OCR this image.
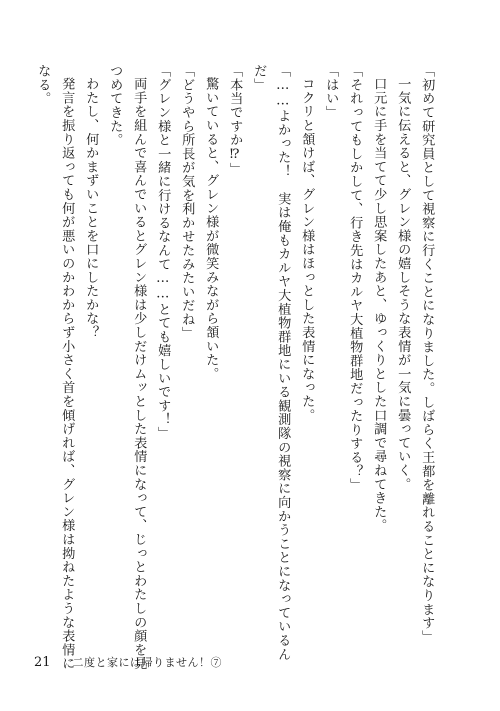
「初めて研究員として視察に行くことになりました。しばらく王都を離れることになります」
一気に伝えると、グレン様の嬉しそうな表情が一気に曇っていく。
口元に手を当てて少し思案したあと、ゆっくりとした口調で尋ねてきた。
「それってもしかして、行き先はカルヤ大植物群地だったりする？」
「はい」
コクリと頷けば、グレン様はほっとした表情になった。
「……よかった！　実は俺もカルヤ大植物群地にいる観測隊の視察に向かうことになっているん
だ」
「本当ですか⁉」
驚いていると、グレン様が微笑みながら頷いた。
「どうやら所長が気を利かせたみたいだね」
「グレン様と一緒に行けるなんて……とても嬉しいです！」
両手を組んで喜んでいるとグレン様は少しだけムッとした表情になって、じっとわたしの顔を見
つめてきた。
わたし、何かまずいことを口にしたかな？
発言を振り返っても何が悪いのかわからず小さく首を傾げれば、グレン様は拗ねたような表情に
なる。
21 二度と家には帰りません！⑦
